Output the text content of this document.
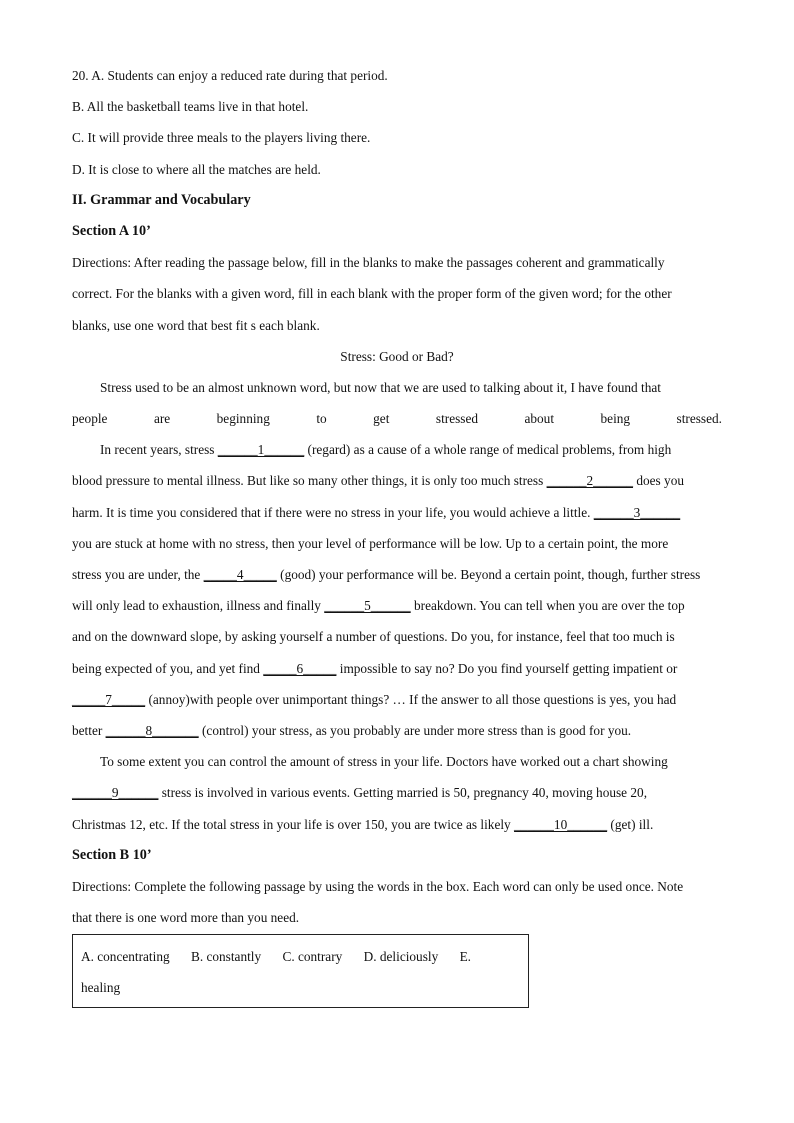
20. A. Students can enjoy a reduced rate during that period.
B. All the basketball teams live in that hotel.
C. It will provide three meals to the players living there.
D. It is close to where all the matches are held.
II. Grammar and Vocabulary
Section A 10’
Directions: After reading the passage below, fill in the blanks to make the passages coherent and grammatically
correct. For the blanks with a given word, fill in each blank with the proper form of the given word; for the other
blanks, use one word that best fit s each blank.
Stress: Good or Bad?
Stress used to be an almost unknown word, but now that we are used to talking about it, I have found that
people	are	beginning	to	get	stressed	about	being	stressed.
In recent years, stress ______1______ (regard) as a cause of a whole range of medical problems, from high
blood pressure to mental illness. But like so many other things, it is only too much stress ______2______ does you
harm. It is time you considered that if there were no stress in your life, you would achieve a little. ______3______
you are stuck at home with no stress, then your level of performance will be low. Up to a certain point, the more
stress you are under, the _____4_____ (good) your performance will be. Beyond a certain point, though, further stress
will only lead to exhaustion, illness and finally ______5______ breakdown. You can tell when you are over the top
and on the downward slope, by asking yourself a number of questions. Do you, for instance, feel that too much is
being expected of you, and yet find _____6_____ impossible to say no? Do you find yourself getting impatient or
_____7_____ (annoy)with people over unimportant things? … If the answer to all those questions is yes, you had
better ______8_______ (control) your stress, as you probably are under more stress than is good for you.
To some extent you can control the amount of stress in your life. Doctors have worked out a chart showing
______9______ stress is involved in various events. Getting married is 50, pregnancy 40, moving house 20,
Christmas 12, etc. If the total stress in your life is over 150, you are twice as likely ______10______ (get) ill.
Section B 10’
Directions: Complete the following passage by using the words in the box. Each word can only be used once. Note
that there is one word more than you need.
A. concentrating B. constantly C. contrary D. deliciously E.
healing
